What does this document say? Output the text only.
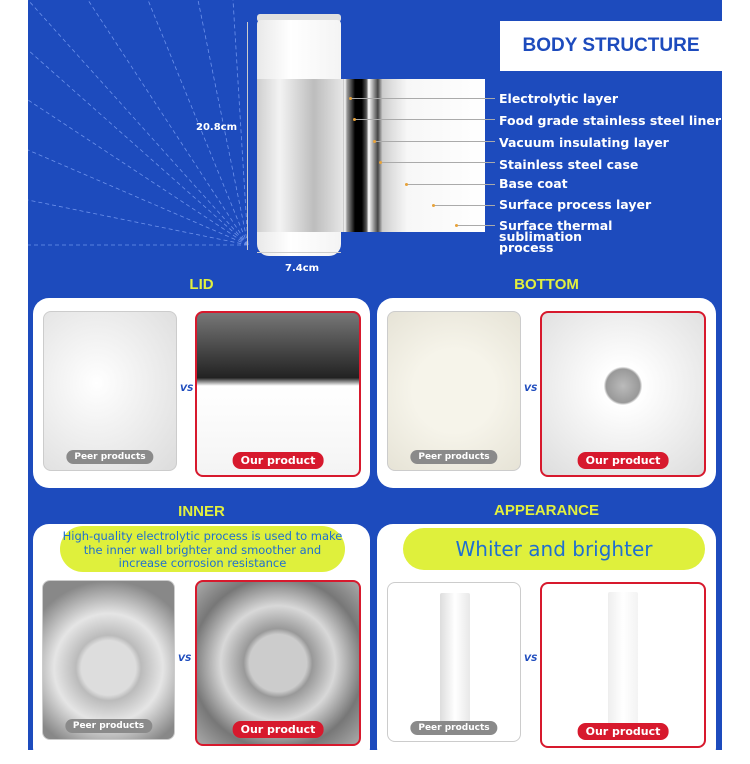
20.8cm
7.4cm
BODY STRUCTURE
Electrolytic layer
Food grade stainless steel liner
Vacuum insulating layer
Stainless steel case
Base coat
Surface process layer
Surface thermal sublimation process
LID
Peer products
VS
Our product
BOTTOM
Peer products
VS
Our product
INNER
Peer products
VS
Our product
High-quality electrolytic process is used to make the inner wall brighter and smoother and increase corrosion resistance
APPEARANCE
Peer products
VS
Our product
Whiter and brighter
